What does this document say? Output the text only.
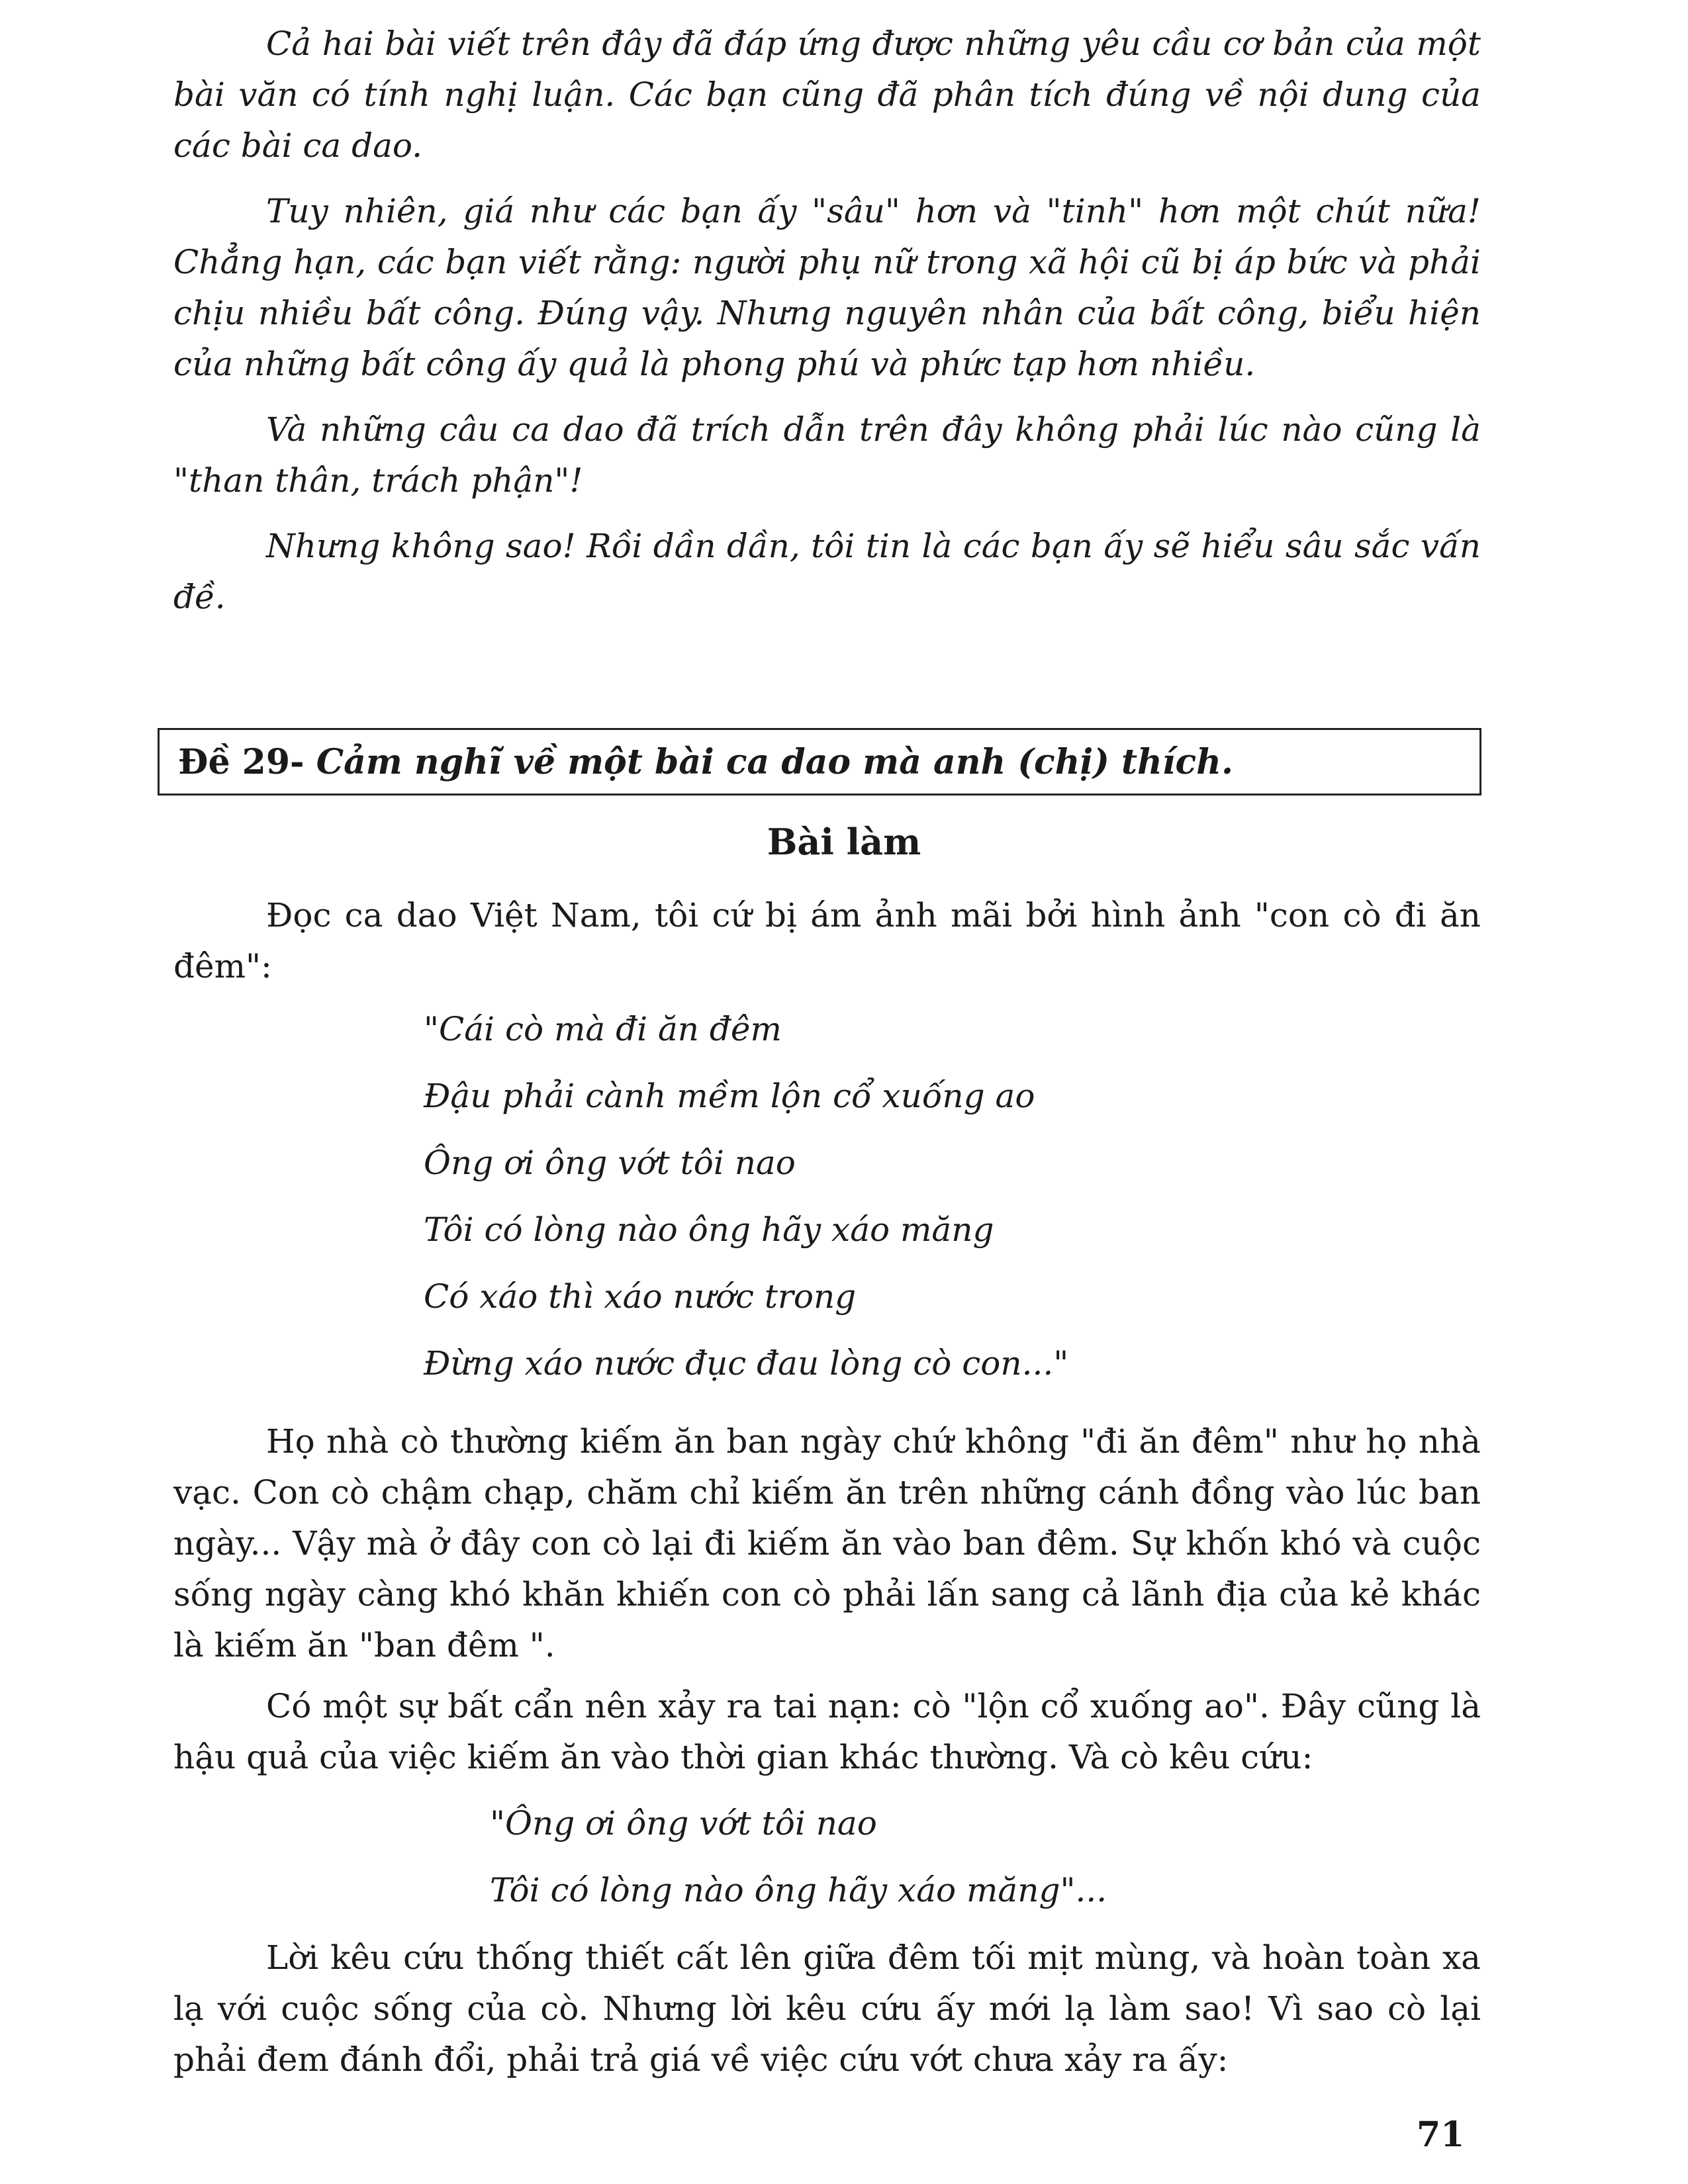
Cả hai bài viết trên đây đã đáp ứng được những yêu cầu cơ bản của một bài văn có tính nghị luận. Các bạn cũng đã phân tích đúng về nội dung của các bài ca dao.

Tuy nhiên, giá như các bạn ấy "sâu" hơn và "tinh" hơn một chút nữa! Chẳng hạn, các bạn viết rằng: người phụ nữ trong xã hội cũ bị áp bức và phải chịu nhiều bất công. Đúng vậy. Nhưng nguyên nhân của bất công, biểu hiện của những bất công ấy quả là phong phú và phức tạp hơn nhiều.

Và những câu ca dao đã trích dẫn trên đây không phải lúc nào cũng là "than thân, trách phận"!

Nhưng không sao! Rồi dần dần, tôi tin là các bạn ấy sẽ hiểu sâu sắc vấn đề.

Đề 29- Cảm nghĩ về một bài ca dao mà anh (chị) thích.
Bài làm

Đọc ca dao Việt Nam, tôi cứ bị ám ảnh mãi bởi hình ảnh "con cò đi ăn đêm":

"Cái cò mà đi ăn đêm

Đậu phải cành mềm lộn cổ xuống ao

Ông ơi ông vớt tôi nao

Tôi có lòng nào ông hãy xáo măng

Có xáo thì xáo nước trong

Đừng xáo nước đục đau lòng cò con..."

Họ nhà cò thường kiếm ăn ban ngày chứ không "đi ăn đêm" như họ nhà vạc. Con cò chậm chạp, chăm chỉ kiếm ăn trên những cánh đồng vào lúc ban ngày... Vậy mà ở đây con cò lại đi kiếm ăn vào ban đêm. Sự khốn khó và cuộc sống ngày càng khó khăn khiến con cò phải lấn sang cả lãnh địa của kẻ khác là kiếm ăn "ban đêm ".

Có một sự bất cẩn nên xảy ra tai nạn: cò "lộn cổ xuống ao". Đây cũng là hậu quả của việc kiếm ăn vào thời gian khác thường. Và cò kêu cứu:

"Ông ơi ông vớt tôi nao

Tôi có lòng nào ông hãy xáo măng"...

Lời kêu cứu thống thiết cất lên giữa đêm tối mịt mùng, và hoàn toàn xa lạ với cuộc sống của cò. Nhưng lời kêu cứu ấy mới lạ làm sao! Vì sao cò lại phải đem đánh đổi, phải trả giá về việc cứu vớt chưa xảy ra ấy:

71
